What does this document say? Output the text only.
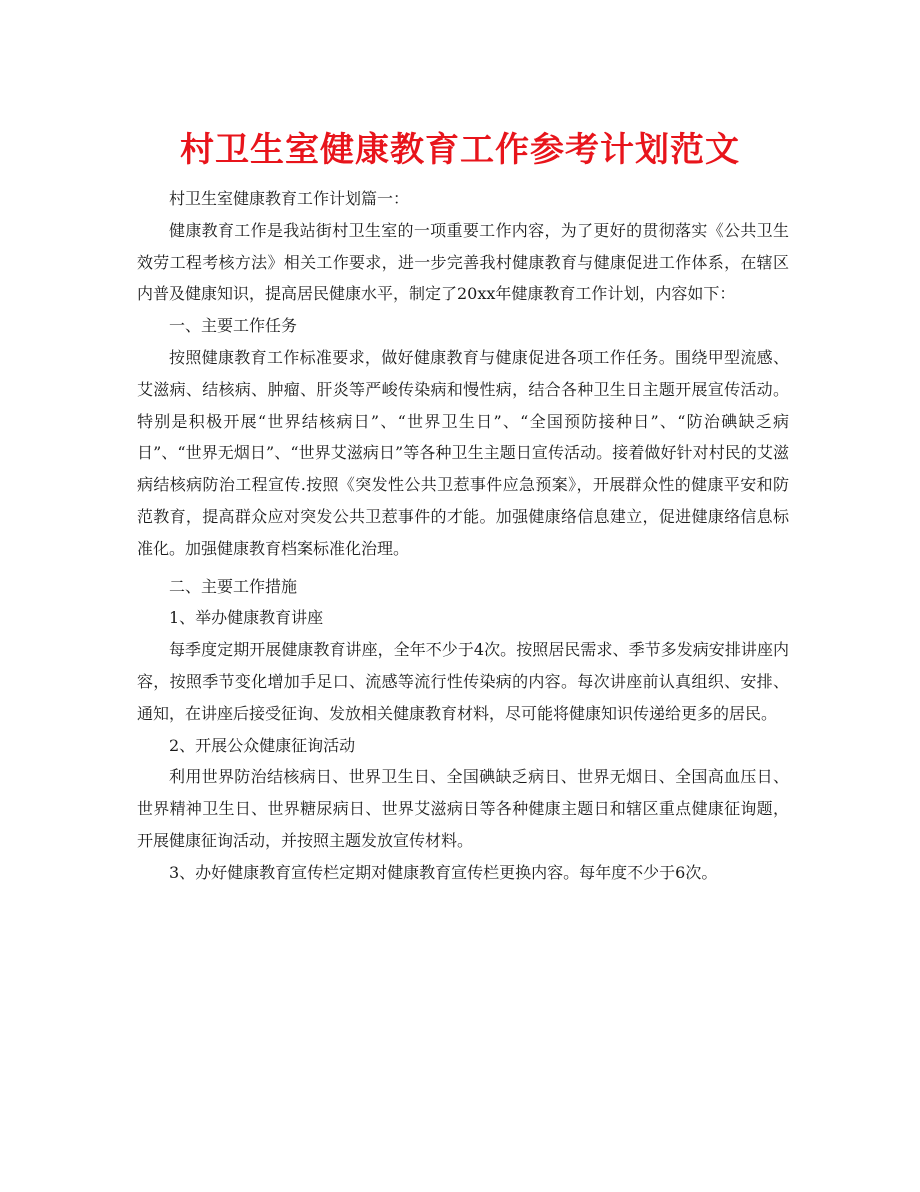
村卫生室健康教育工作参考计划范文

村卫生室健康教育工作计划篇一：

健康教育工作是我站街村卫生室的一项重要工作内容，为了更好的贯彻落实《公共卫生效劳工程考核方法》相关工作要求，进一步完善我村健康教育与健康促进工作体系，在辖区内普及健康知识，提高居民健康水平，制定了20xx年健康教育工作计划，内容如下：

一、主要工作任务

按照健康教育工作标准要求，做好健康教育与健康促进各项工作任务。围绕甲型流感、艾滋病、结核病、肿瘤、肝炎等严峻传染病和慢性病，结合各种卫生日主题开展宣传活动。特别是积极开展“世界结核病日”、“世界卫生日”、“全国预防接种日”、“防治碘缺乏病日”、“世界无烟日”、“世界艾滋病日”等各种卫生主题日宣传活动。接着做好针对村民的艾滋病结核病防治工程宣传.按照《突发性公共卫惹事件应急预案》，开展群众性的健康平安和防范教育，提高群众应对突发公共卫惹事件的才能。加强健康络信息建立，促进健康络信息标准化。加强健康教育档案标准化治理。

二、主要工作措施

1、举办健康教育讲座

每季度定期开展健康教育讲座，全年不少于4次。按照居民需求、季节多发病安排讲座内容，按照季节变化增加手足口、流感等流行性传染病的内容。每次讲座前认真组织、安排、通知，在讲座后接受征询、发放相关健康教育材料，尽可能将健康知识传递给更多的居民。

2、开展公众健康征询活动

利用世界防治结核病日、世界卫生日、全国碘缺乏病日、世界无烟日、全国高血压日、世界精神卫生日、世界糖尿病日、世界艾滋病日等各种健康主题日和辖区重点健康征询题，开展健康征询活动，并按照主题发放宣传材料。

3、办好健康教育宣传栏定期对健康教育宣传栏更换内容。每年度不少于6次。
